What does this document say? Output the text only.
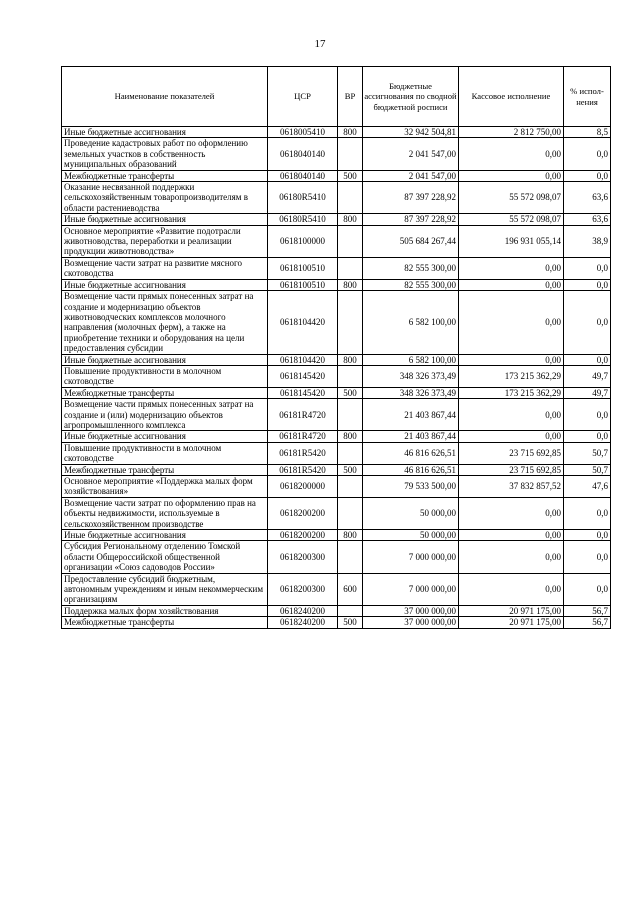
17
Наименование показателей	ЦСР	ВР	Бюджетные ассигнования по сводной бюджетной росписи	Кассовое исполнение	% испол-нения
Иные бюджетные ассигнования	0618005410	800	32 942 504,81	2 812 750,00	8,5
Проведение кадастровых работ по оформлению земельных участков в собственность муниципальных образований	0618040140		2 041 547,00	0,00	0,0
Межбюджетные трансферты	0618040140	500	2 041 547,00	0,00	0,0
Оказание несвязанной поддержки сельскохозяйственным товаропроизводителям в области растениеводства	06180R5410		87 397 228,92	55 572 098,07	63,6
Иные бюджетные ассигнования	06180R5410	800	87 397 228,92	55 572 098,07	63,6
Основное мероприятие «Развитие подотрасли животноводства, переработки и реализации продукции животноводства»	0618100000		505 684 267,44	196 931 055,14	38,9
Возмещение части затрат на развитие мясного скотоводства	0618100510		82 555 300,00	0,00	0,0
Иные бюджетные ассигнования	0618100510	800	82 555 300,00	0,00	0,0
Возмещение части прямых понесенных затрат на создание и модернизацию объектов животноводческих комплексов молочного направления (молочных ферм), а также на приобретение техники и оборудования на цели предоставления субсидии	0618104420		6 582 100,00	0,00	0,0
Иные бюджетные ассигнования	0618104420	800	6 582 100,00	0,00	0,0
Повышение продуктивности в молочном скотоводстве	0618145420		348 326 373,49	173 215 362,29	49,7
Межбюджетные трансферты	0618145420	500	348 326 373,49	173 215 362,29	49,7
Возмещение части прямых понесенных затрат на создание и (или) модернизацию объектов агропромышленного комплекса	06181R4720		21 403 867,44	0,00	0,0
Иные бюджетные ассигнования	06181R4720	800	21 403 867,44	0,00	0,0
Повышение продуктивности в молочном скотоводстве	06181R5420		46 816 626,51	23 715 692,85	50,7
Межбюджетные трансферты	06181R5420	500	46 816 626,51	23 715 692,85	50,7
Основное мероприятие «Поддержка малых форм хозяйствования»	0618200000		79 533 500,00	37 832 857,52	47,6
Возмещение части затрат по оформлению прав на объекты недвижимости, используемые в сельскохозяйственном производстве	0618200200		50 000,00	0,00	0,0
Иные бюджетные ассигнования	0618200200	800	50 000,00	0,00	0,0
Субсидия Региональному отделению Томской области Общероссийской общественной организации «Союз садоводов России»	0618200300		7 000 000,00	0,00	0,0
Предоставление субсидий бюджетным, автономным учреждениям и иным некоммерческим организациям	0618200300	600	7 000 000,00	0,00	0,0
Поддержка малых форм хозяйствования	0618240200		37 000 000,00	20 971 175,00	56,7
Межбюджетные трансферты	0618240200	500	37 000 000,00	20 971 175,00	56,7
